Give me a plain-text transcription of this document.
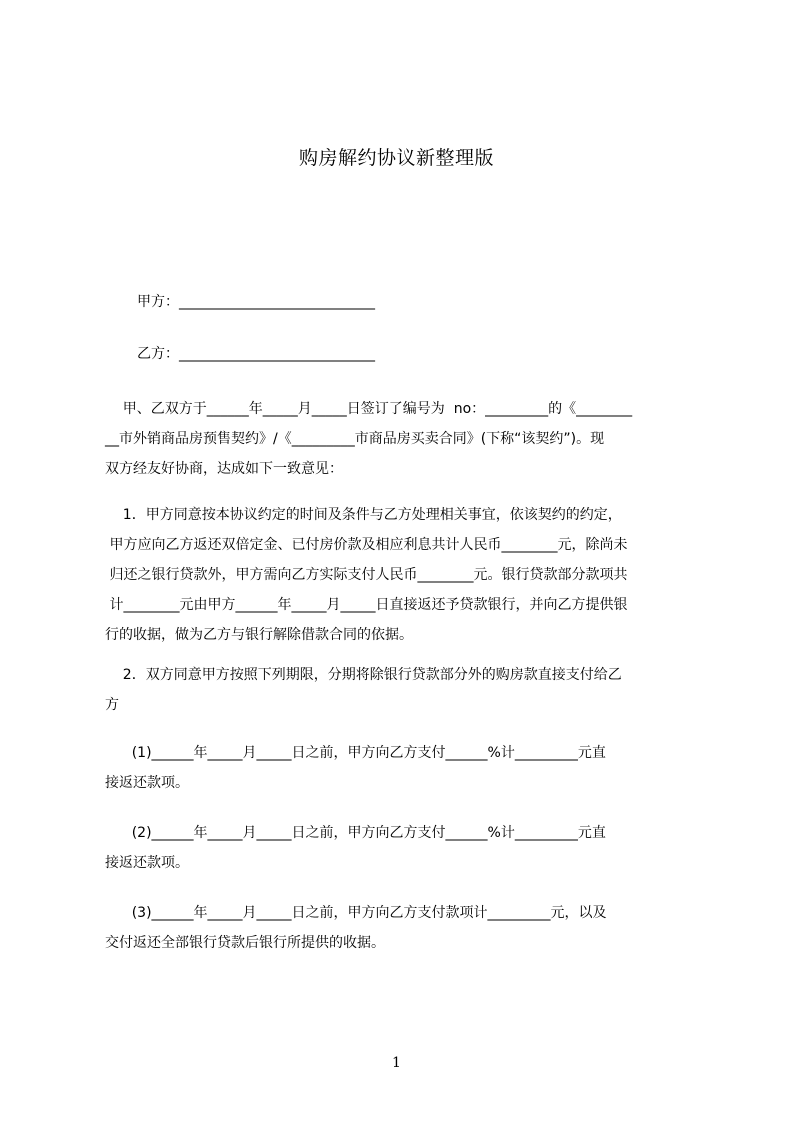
购房解约协议新整理版
甲方：____________________________
乙方：____________________________
甲、乙双方于______年_____月_____日签订了编号为  no：_________的《________
__市外销商品房预售契约》/《_________市商品房买卖合同》(下称“该契约”)。现
双方经友好协商，达成如下一致意见：
1．甲方同意按本协议约定的时间及条件与乙方处理相关事宜，依该契约的约定，
甲方应向乙方返还双倍定金、已付房价款及相应利息共计人民币________元，除尚未
归还之银行贷款外，甲方需向乙方实际支付人民币________元。银行贷款部分款项共
计________元由甲方______年_____月_____日直接返还予贷款银行，并向乙方提供银
行的收据，做为乙方与银行解除借款合同的依据。
2．双方同意甲方按照下列期限，分期将除银行贷款部分外的购房款直接支付给乙
方
(1)______年_____月_____日之前，甲方向乙方支付______%计_________元直
接返还款项。
(2)______年_____月_____日之前，甲方向乙方支付______%计_________元直
接返还款项。
(3)______年_____月_____日之前，甲方向乙方支付款项计_________元，以及
交付返还全部银行贷款后银行所提供的收据。
1
